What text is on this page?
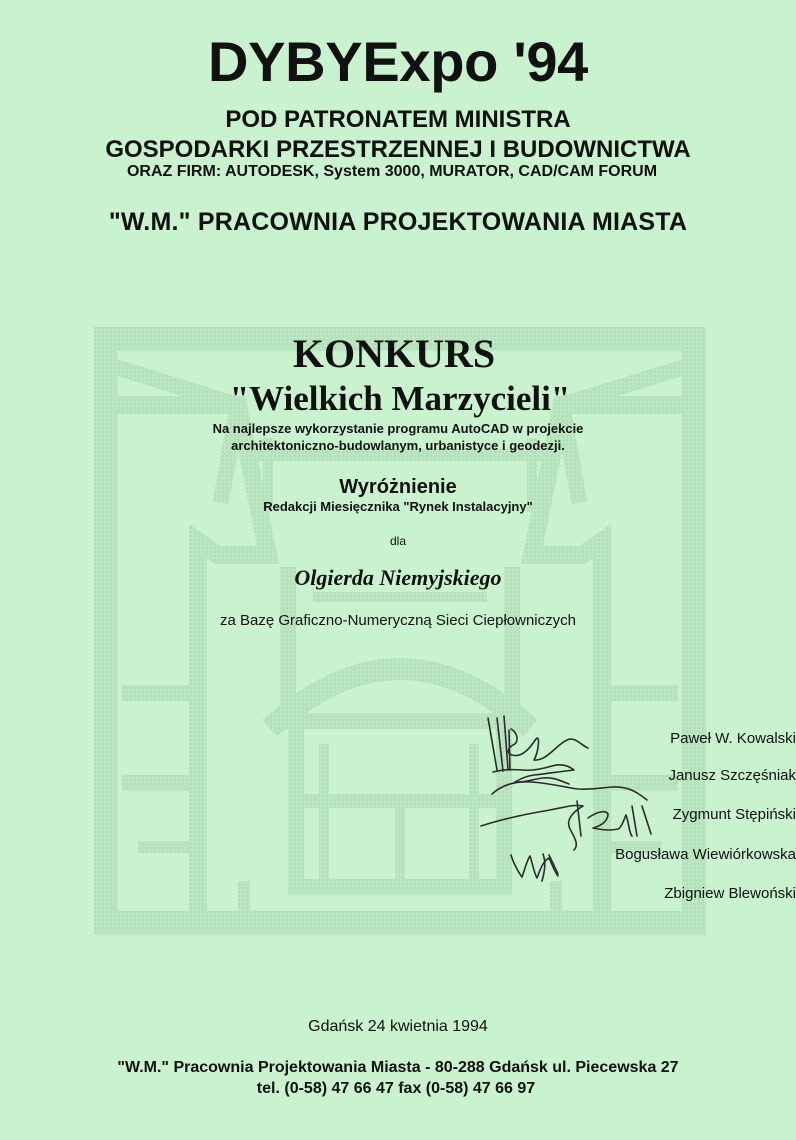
DYBYExpo '94
POD PATRONATEM MINISTRA
GOSPODARKI PRZESTRZENNEJ I BUDOWNICTWA
ORAZ FIRM: AUTODESK, System 3000, MURATOR, CAD/CAM FORUM
"W.M." PRACOWNIA PROJEKTOWANIA MIASTA
KONKURS
"Wielkich Marzycieli"
Na najlepsze wykorzystanie programu AutoCAD w projekcie
architektoniczno-budowlanym, urbanistyce i geodezji.
Wyróżnienie
Redakcji Miesięcznika "Rynek Instalacyjny"
dla
Olgierda Niemyjskiego
za Bazę Graficzno-Numeryczną Sieci Ciepłowniczych
Paweł W. Kowalski
Janusz Szczęśniak
Zygmunt Stępiński
Bogusława Wiewiórkowska
Zbigniew Blewoński
Gdańsk 24 kwietnia 1994
"W.M." Pracownia Projektowania Miasta - 80-288 Gdańsk ul. Piecewska 27
tel. (0-58) 47 66 47 fax (0-58) 47 66 97
